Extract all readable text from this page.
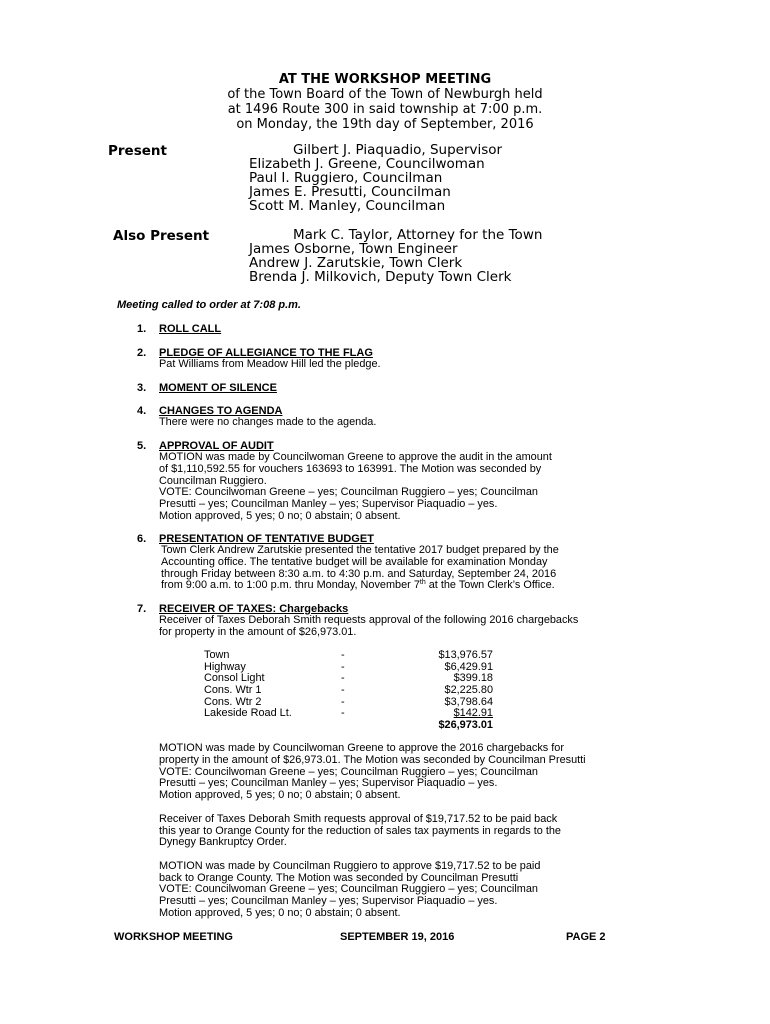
AT THE WORKSHOP MEETING
of the Town Board of the Town of Newburgh held
at 1496 Route 300 in said township at 7:00 p.m.
on Monday, the 19th day of September, 2016
Present	Gilbert J. Piaquadio, Supervisor
Elizabeth J. Greene, Councilwoman
Paul I. Ruggiero, Councilman
James E. Presutti, Councilman
Scott M. Manley, Councilman
Also Present	Mark C. Taylor, Attorney for the Town
James Osborne, Town Engineer
Andrew J. Zarutskie, Town Clerk
Brenda J. Milkovich, Deputy Town Clerk
Meeting called to order at 7:08 p.m.
1. ROLL CALL
2. PLEDGE OF ALLEGIANCE TO THE FLAG
Pat Williams from Meadow Hill led the pledge.
3. MOMENT OF SILENCE
4. CHANGES TO AGENDA
There were no changes made to the agenda.
5. APPROVAL OF AUDIT
MOTION was made by Councilwoman Greene to approve the audit in the amount
of $1,110,592.55 for vouchers 163693 to 163991. The Motion was seconded by
Councilman Ruggiero.
VOTE: Councilwoman Greene – yes; Councilman Ruggiero – yes; Councilman
Presutti – yes; Councilman Manley – yes; Supervisor Piaquadio – yes.
Motion approved, 5 yes; 0 no; 0 abstain; 0 absent.
6. PRESENTATION OF TENTATIVE BUDGET
Town Clerk Andrew Zarutskie presented the tentative 2017 budget prepared by the
Accounting office. The tentative budget will be available for examination Monday
through Friday between 8:30 a.m. to 4:30 p.m. and Saturday, September 24, 2016
from 9:00 a.m. to 1:00 p.m. thru Monday, November 7th at the Town Clerk’s Office.
7. RECEIVER OF TAXES: Chargebacks
Receiver of Taxes Deborah Smith requests approval of the following 2016 chargebacks
for property in the amount of $26,973.01.
Town	-	$13,976.57
Highway	-	$6,429.91
Consol Light	-	$399.18
Cons. Wtr 1	-	$2,225.80
Cons. Wtr 2	-	$3,798.64
Lakeside Road Lt.	-	$142.91
$26,973.01
MOTION was made by Councilwoman Greene to approve the 2016 chargebacks for
property in the amount of $26,973.01. The Motion was seconded by Councilman Presutti
VOTE: Councilwoman Greene – yes; Councilman Ruggiero – yes; Councilman
Presutti – yes; Councilman Manley – yes; Supervisor Piaquadio – yes.
Motion approved, 5 yes; 0 no; 0 abstain; 0 absent.
Receiver of Taxes Deborah Smith requests approval of $19,717.52 to be paid back
this year to Orange County for the reduction of sales tax payments in regards to the
Dynegy Bankruptcy Order.
MOTION was made by Councilman Ruggiero to approve $19,717.52 to be paid
back to Orange County. The Motion was seconded by Councilman Presutti
VOTE: Councilwoman Greene – yes; Councilman Ruggiero – yes; Councilman
Presutti – yes; Councilman Manley – yes; Supervisor Piaquadio – yes.
Motion approved, 5 yes; 0 no; 0 abstain; 0 absent.
WORKSHOP MEETING	SEPTEMBER 19, 2016	PAGE 2
